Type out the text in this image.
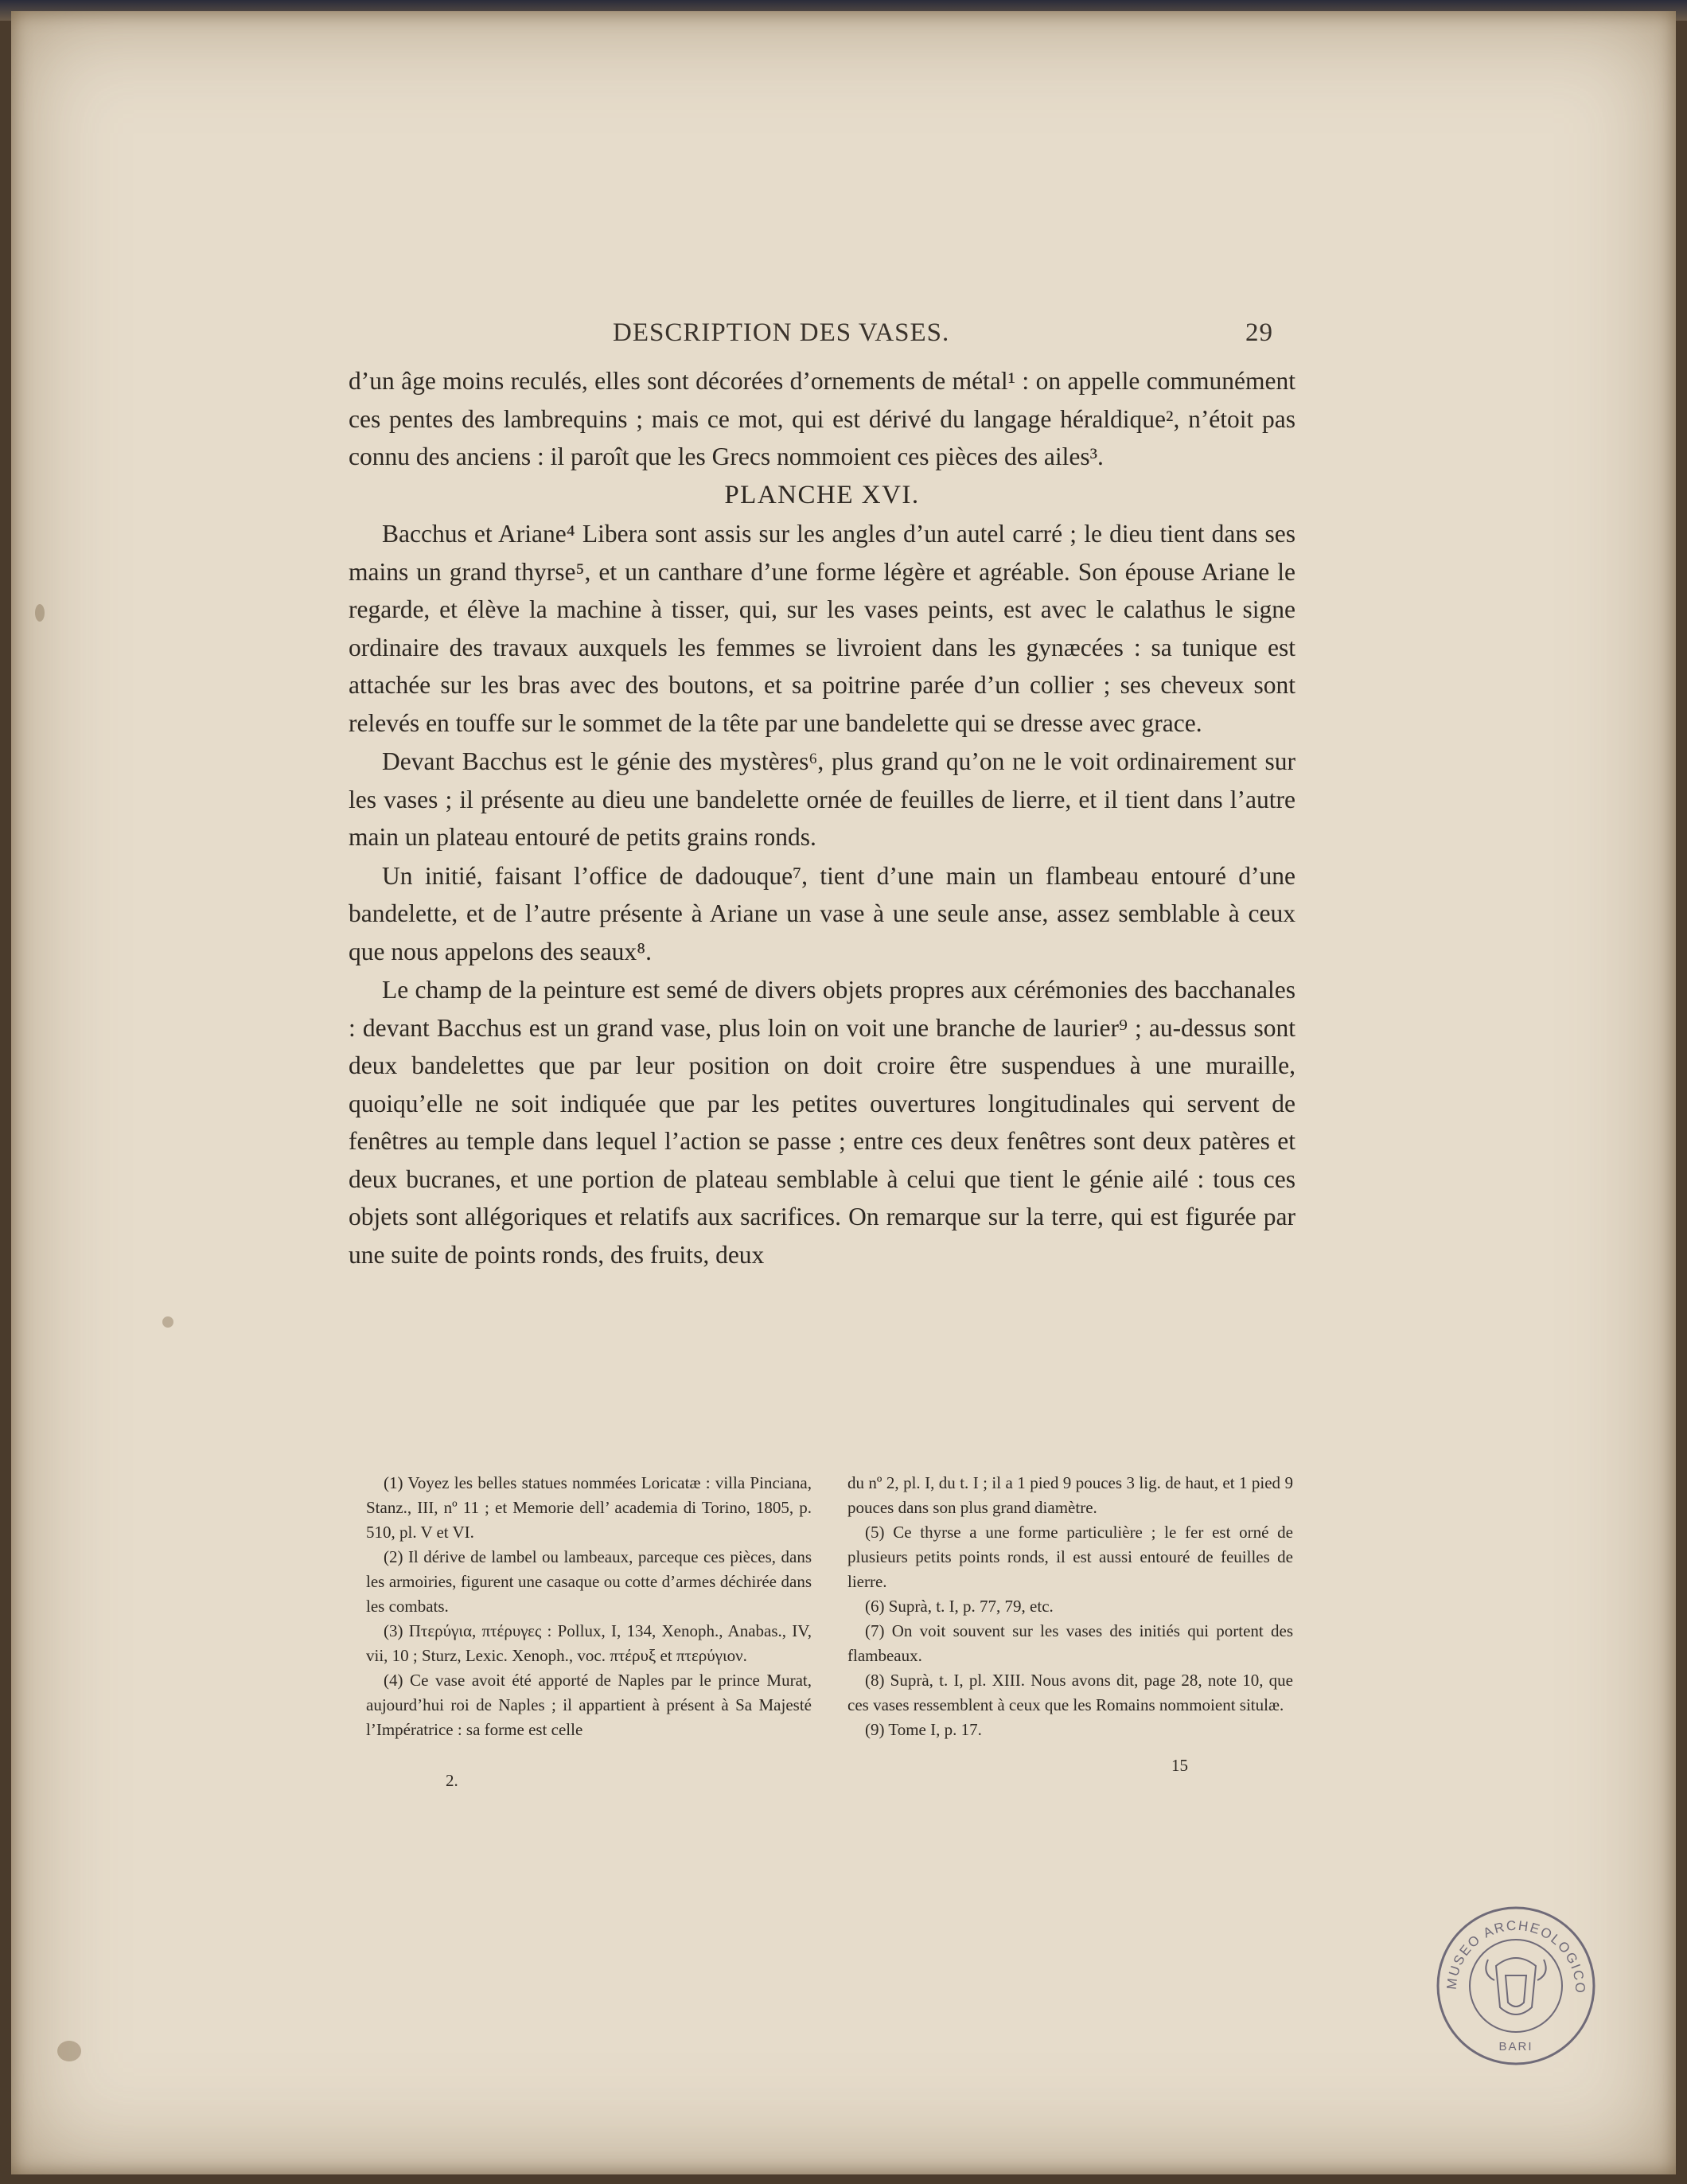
DESCRIPTION DES VASES.	29

d’un âge moins reculés, elles sont décorées d’ornements de métal¹ : on appelle communément ces pentes des lambrequins ; mais ce mot, qui est dérivé du langage héraldique², n’étoit pas connu des anciens : il paroît que les Grecs nommoient ces pièces des ailes³.

PLANCHE XVI.

Bacchus et Ariane⁴ Libera sont assis sur les angles d’un autel carré ; le dieu tient dans ses mains un grand thyrse⁵, et un canthare d’une forme légère et agréable. Son épouse Ariane le regarde, et élève la machine à tisser, qui, sur les vases peints, est avec le calathus le signe ordinaire des travaux auxquels les femmes se livroient dans les gynæcées : sa tunique est attachée sur les bras avec des boutons, et sa poitrine parée d’un collier ; ses cheveux sont relevés en touffe sur le sommet de la tête par une bandelette qui se dresse avec grace.

Devant Bacchus est le génie des mystères⁶, plus grand qu’on ne le voit ordinairement sur les vases ; il présente au dieu une bandelette ornée de feuilles de lierre, et il tient dans l’autre main un plateau entouré de petits grains ronds.

Un initié, faisant l’office de dadouque⁷, tient d’une main un flambeau entouré d’une bandelette, et de l’autre présente à Ariane un vase à une seule anse, assez semblable à ceux que nous appelons des seaux⁸.

Le champ de la peinture est semé de divers objets propres aux cérémonies des bacchanales : devant Bacchus est un grand vase, plus loin on voit une branche de laurier⁹ ; au-dessus sont deux bandelettes que par leur position on doit croire être suspendues à une muraille, quoiqu’elle ne soit indiquée que par les petites ouvertures longitudinales qui servent de fenêtres au temple dans lequel l’action se passe ; entre ces deux fenêtres sont deux patères et deux bucranes, et une portion de plateau semblable à celui que tient le génie ailé : tous ces objets sont allégoriques et relatifs aux sacrifices. On remarque sur la terre, qui est figurée par une suite de points ronds, des fruits, deux

(1) Voyez les belles statues nommées Loricatæ : villa Pinciana, Stanz., III, nº 11 ; et Memorie dell’ academia di Torino, 1805, p. 510, pl. V et VI.

(2) Il dérive de lambel ou lambeaux, parceque ces pièces, dans les armoiries, figurent une casaque ou cotte d’armes déchirée dans les combats.

(3) Πτερύγια, πτέρυγες : Pollux, I, 134, Xenoph., Anabas., IV, vii, 10 ; Sturz, Lexic. Xenoph., voc. πτέρυξ et πτερύγιον.

(4) Ce vase avoit été apporté de Naples par le prince Murat, aujourd’hui roi de Naples ; il appartient à présent à Sa Majesté l’Impératrice : sa forme est celle

du nº 2, pl. I, du t. I ; il a 1 pied 9 pouces 3 lig. de haut, et 1 pied 9 pouces dans son plus grand diamètre.

(5) Ce thyrse a une forme particulière ; le fer est orné de plusieurs petits points ronds, il est aussi entouré de feuilles de lierre.

(6) Suprà, t. I, p. 77, 79, etc.

(7) On voit souvent sur les vases des initiés qui portent des flambeaux.

(8) Suprà, t. I, pl. XIII. Nous avons dit, page 28, note 10, que ces vases ressemblent à ceux que les Romains nommoient situlæ.

(9) Tome I, p. 17.

2.
15
MUSEO ARCHEOLOGICO
BARI
